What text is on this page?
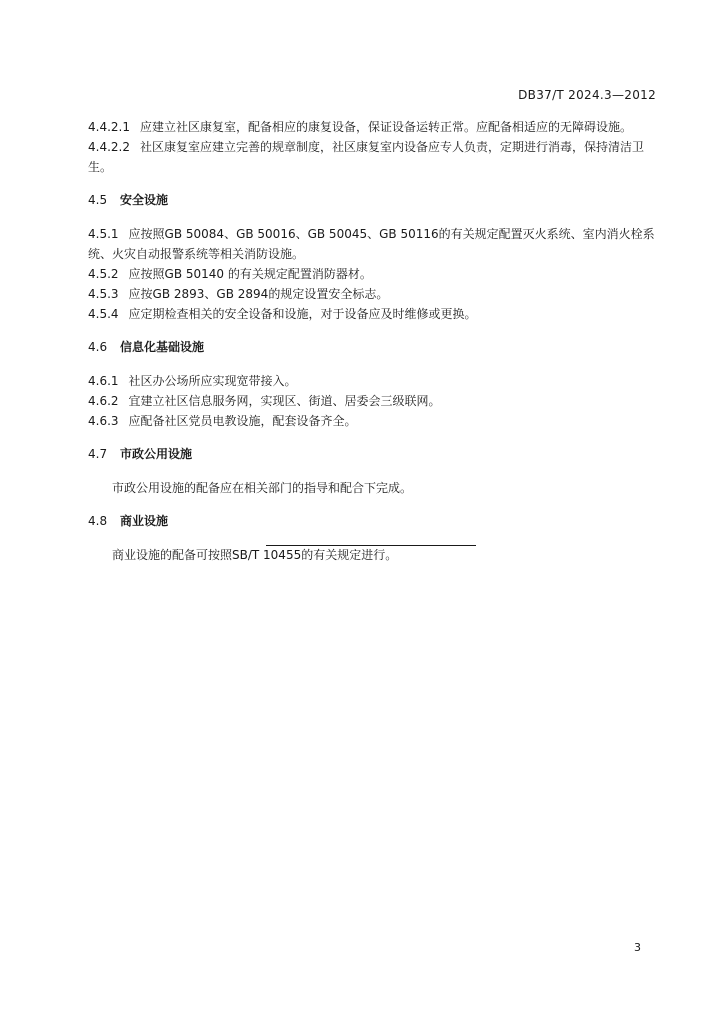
DB37/T 2024.3—2012
4.4.2.1 应建立社区康复室，配备相应的康复设备，保证设备运转正常。应配备相适应的无障碍设施。
4.4.2.2 社区康复室应建立完善的规章制度，社区康复室内设备应专人负责，定期进行消毒，保持清洁卫生。
4.5 安全设施
4.5.1 应按照GB 50084、GB 50016、GB 50045、GB 50116的有关规定配置灭火系统、室内消火栓系统、火灾自动报警系统等相关消防设施。
4.5.2 应按照GB 50140 的有关规定配置消防器材。
4.5.3 应按GB 2893、GB 2894的规定设置安全标志。
4.5.4 应定期检查相关的安全设备和设施，对于设备应及时维修或更换。
4.6 信息化基础设施
4.6.1 社区办公场所应实现宽带接入。
4.6.2 宜建立社区信息服务网，实现区、街道、居委会三级联网。
4.6.3 应配备社区党员电教设施，配套设备齐全。
4.7 市政公用设施
市政公用设施的配备应在相关部门的指导和配合下完成。
4.8 商业设施
商业设施的配备可按照SB/T 10455的有关规定进行。
3
